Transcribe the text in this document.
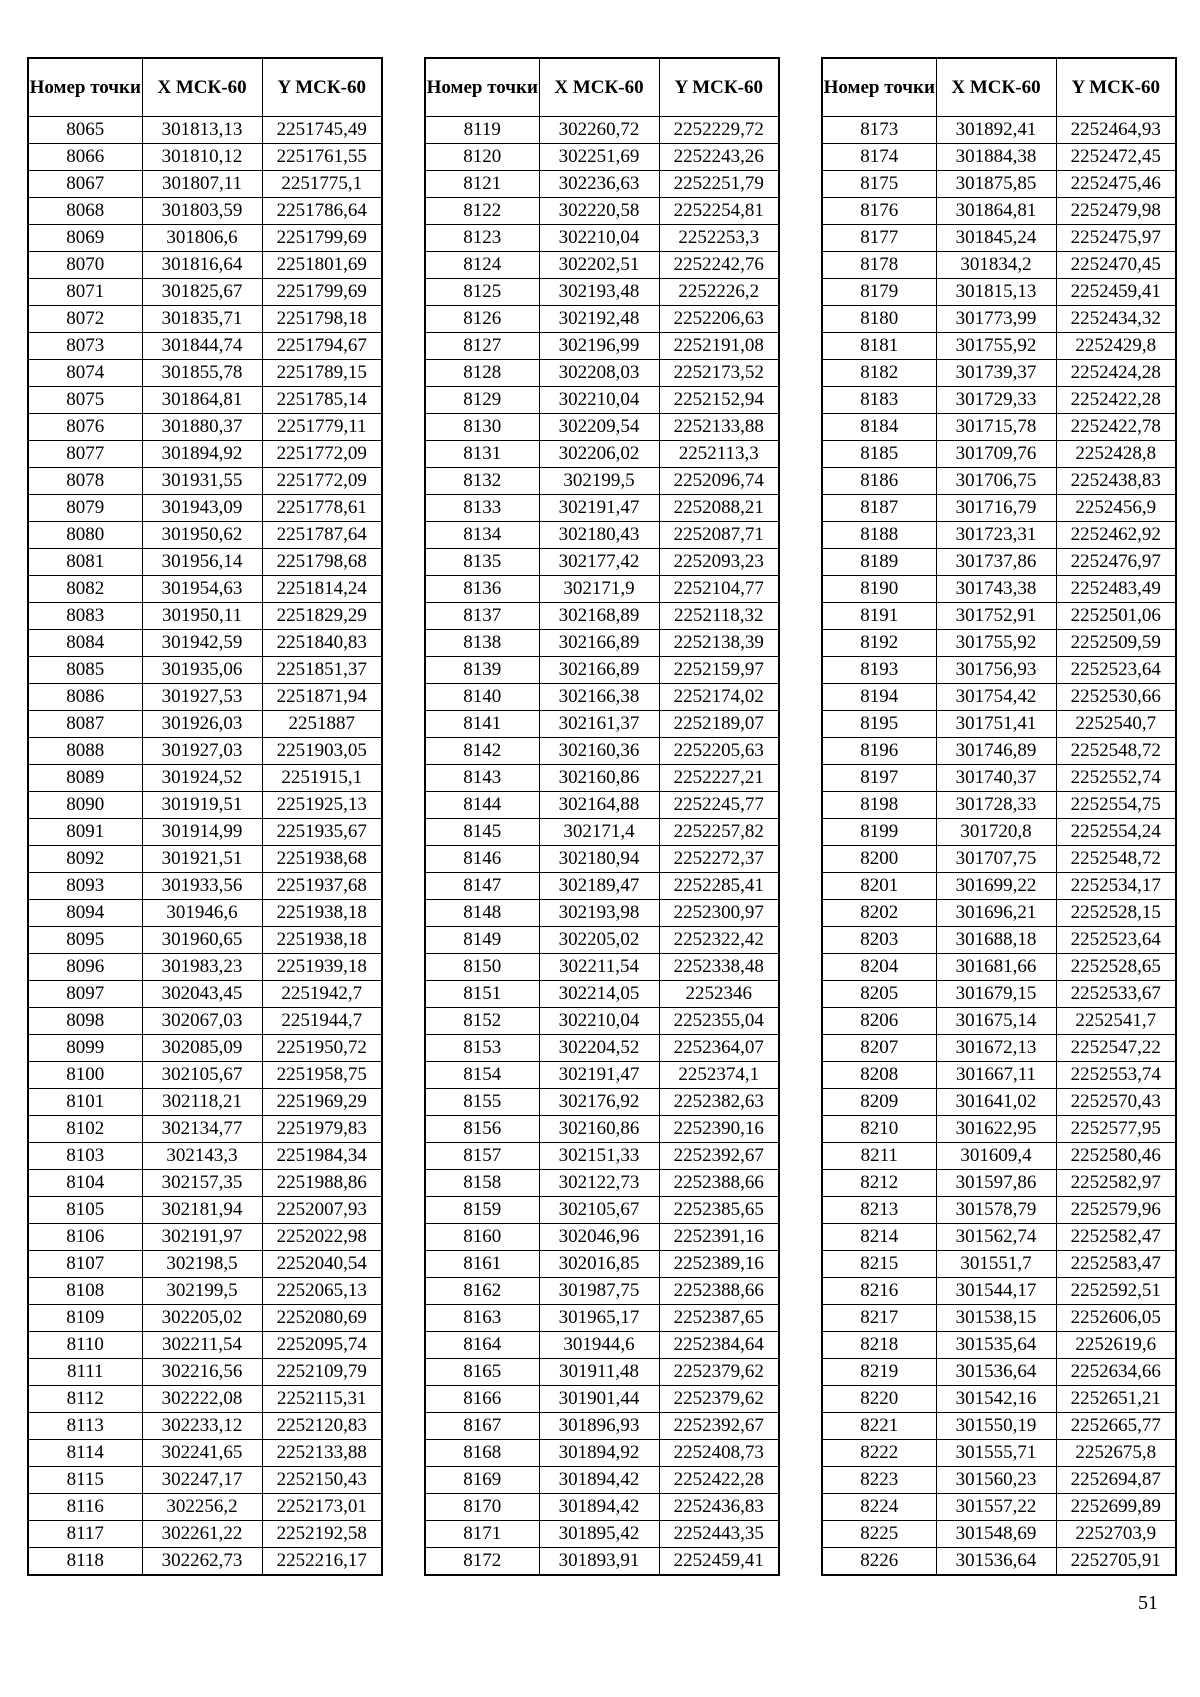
Номер точки	X МСК-60	Y МСК-60
8065	301813,13	2251745,49
8066	301810,12	2251761,55
8067	301807,11	2251775,1
8068	301803,59	2251786,64
8069	301806,6	2251799,69
8070	301816,64	2251801,69
8071	301825,67	2251799,69
8072	301835,71	2251798,18
8073	301844,74	2251794,67
8074	301855,78	2251789,15
8075	301864,81	2251785,14
8076	301880,37	2251779,11
8077	301894,92	2251772,09
8078	301931,55	2251772,09
8079	301943,09	2251778,61
8080	301950,62	2251787,64
8081	301956,14	2251798,68
8082	301954,63	2251814,24
8083	301950,11	2251829,29
8084	301942,59	2251840,83
8085	301935,06	2251851,37
8086	301927,53	2251871,94
8087	301926,03	2251887
8088	301927,03	2251903,05
8089	301924,52	2251915,1
8090	301919,51	2251925,13
8091	301914,99	2251935,67
8092	301921,51	2251938,68
8093	301933,56	2251937,68
8094	301946,6	2251938,18
8095	301960,65	2251938,18
8096	301983,23	2251939,18
8097	302043,45	2251942,7
8098	302067,03	2251944,7
8099	302085,09	2251950,72
8100	302105,67	2251958,75
8101	302118,21	2251969,29
8102	302134,77	2251979,83
8103	302143,3	2251984,34
8104	302157,35	2251988,86
8105	302181,94	2252007,93
8106	302191,97	2252022,98
8107	302198,5	2252040,54
8108	302199,5	2252065,13
8109	302205,02	2252080,69
8110	302211,54	2252095,74
8111	302216,56	2252109,79
8112	302222,08	2252115,31
8113	302233,12	2252120,83
8114	302241,65	2252133,88
8115	302247,17	2252150,43
8116	302256,2	2252173,01
8117	302261,22	2252192,58
8118	302262,73	2252216,17
Номер точки	X МСК-60	Y МСК-60
8119	302260,72	2252229,72
8120	302251,69	2252243,26
8121	302236,63	2252251,79
8122	302220,58	2252254,81
8123	302210,04	2252253,3
8124	302202,51	2252242,76
8125	302193,48	2252226,2
8126	302192,48	2252206,63
8127	302196,99	2252191,08
8128	302208,03	2252173,52
8129	302210,04	2252152,94
8130	302209,54	2252133,88
8131	302206,02	2252113,3
8132	302199,5	2252096,74
8133	302191,47	2252088,21
8134	302180,43	2252087,71
8135	302177,42	2252093,23
8136	302171,9	2252104,77
8137	302168,89	2252118,32
8138	302166,89	2252138,39
8139	302166,89	2252159,97
8140	302166,38	2252174,02
8141	302161,37	2252189,07
8142	302160,36	2252205,63
8143	302160,86	2252227,21
8144	302164,88	2252245,77
8145	302171,4	2252257,82
8146	302180,94	2252272,37
8147	302189,47	2252285,41
8148	302193,98	2252300,97
8149	302205,02	2252322,42
8150	302211,54	2252338,48
8151	302214,05	2252346
8152	302210,04	2252355,04
8153	302204,52	2252364,07
8154	302191,47	2252374,1
8155	302176,92	2252382,63
8156	302160,86	2252390,16
8157	302151,33	2252392,67
8158	302122,73	2252388,66
8159	302105,67	2252385,65
8160	302046,96	2252391,16
8161	302016,85	2252389,16
8162	301987,75	2252388,66
8163	301965,17	2252387,65
8164	301944,6	2252384,64
8165	301911,48	2252379,62
8166	301901,44	2252379,62
8167	301896,93	2252392,67
8168	301894,92	2252408,73
8169	301894,42	2252422,28
8170	301894,42	2252436,83
8171	301895,42	2252443,35
8172	301893,91	2252459,41
Номер точки	X МСК-60	Y МСК-60
8173	301892,41	2252464,93
8174	301884,38	2252472,45
8175	301875,85	2252475,46
8176	301864,81	2252479,98
8177	301845,24	2252475,97
8178	301834,2	2252470,45
8179	301815,13	2252459,41
8180	301773,99	2252434,32
8181	301755,92	2252429,8
8182	301739,37	2252424,28
8183	301729,33	2252422,28
8184	301715,78	2252422,78
8185	301709,76	2252428,8
8186	301706,75	2252438,83
8187	301716,79	2252456,9
8188	301723,31	2252462,92
8189	301737,86	2252476,97
8190	301743,38	2252483,49
8191	301752,91	2252501,06
8192	301755,92	2252509,59
8193	301756,93	2252523,64
8194	301754,42	2252530,66
8195	301751,41	2252540,7
8196	301746,89	2252548,72
8197	301740,37	2252552,74
8198	301728,33	2252554,75
8199	301720,8	2252554,24
8200	301707,75	2252548,72
8201	301699,22	2252534,17
8202	301696,21	2252528,15
8203	301688,18	2252523,64
8204	301681,66	2252528,65
8205	301679,15	2252533,67
8206	301675,14	2252541,7
8207	301672,13	2252547,22
8208	301667,11	2252553,74
8209	301641,02	2252570,43
8210	301622,95	2252577,95
8211	301609,4	2252580,46
8212	301597,86	2252582,97
8213	301578,79	2252579,96
8214	301562,74	2252582,47
8215	301551,7	2252583,47
8216	301544,17	2252592,51
8217	301538,15	2252606,05
8218	301535,64	2252619,6
8219	301536,64	2252634,66
8220	301542,16	2252651,21
8221	301550,19	2252665,77
8222	301555,71	2252675,8
8223	301560,23	2252694,87
8224	301557,22	2252699,89
8225	301548,69	2252703,9
8226	301536,64	2252705,91
51
